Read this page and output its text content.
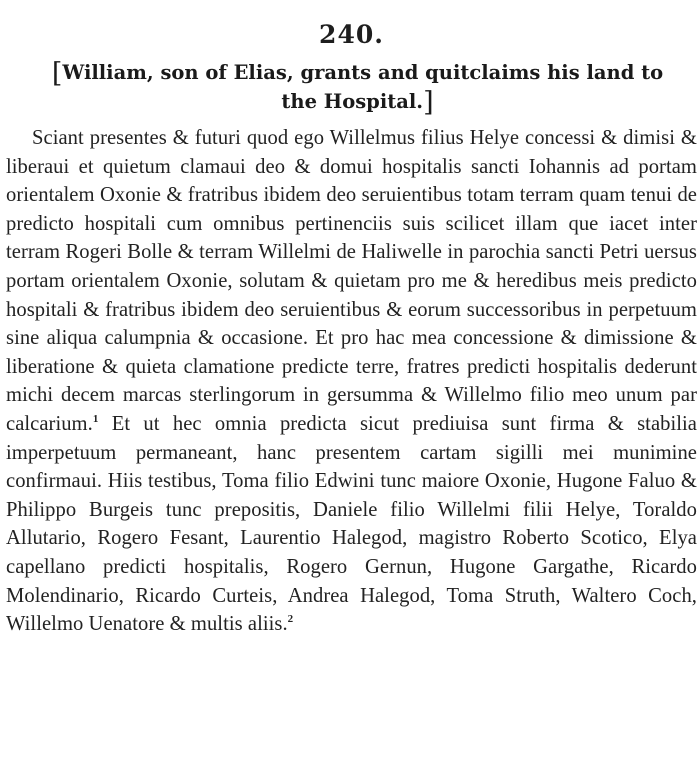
240.
[William, son of Elias, grants and quitclaims his land to the Hospital.]

Sciant presentes & futuri quod ego Willelmus filius Helye concessi & dimisi & liberaui et quietum clamaui deo & domui hospitalis sancti Iohannis ad portam orientalem Oxonie & fratribus ibidem deo seruientibus totam terram quam tenui de predicto hospitali cum omnibus pertinenciis suis scilicet illam que iacet inter terram Rogeri Bolle & terram Willelmi de Haliwelle in parochia sancti Petri uersus portam orientalem Oxonie, solutam & quietam pro me & heredibus meis predicto hospitali & fratribus ibidem deo seruientibus & eorum successoribus in perpetuum sine aliqua calumpnia & occasione. Et pro hac mea concessione & dimissione & liberatione & quieta clamatione predicte terre, fratres predicti hospitalis dederunt michi decem marcas sterlingorum in gersumma & Willelmo filio meo unum par calcarium.$^1$ Et ut hec omnia predicta sicut prediuisa sunt firma & stabilia imperpetuum permaneant, hanc presentem cartam sigilli mei munimine confirmaui. Hiis testibus, Toma filio Edwini tunc maiore Oxonie, Hugone Faluo & Philippo Burgeis tunc prepositis, Daniele filio Willelmi filii Helye, Toraldo Allutario, Rogero Fesant, Laurentio Halegod, magistro Roberto Scotico, Elya capellano predicti hospitalis, Rogero Gernun, Hugone Gargathe, Ricardo Molendinario, Ricardo Curteis, Andrea Halegod, Toma Struth, Waltero Coch, Willelmo Uenatore & multis aliis.$^2$
